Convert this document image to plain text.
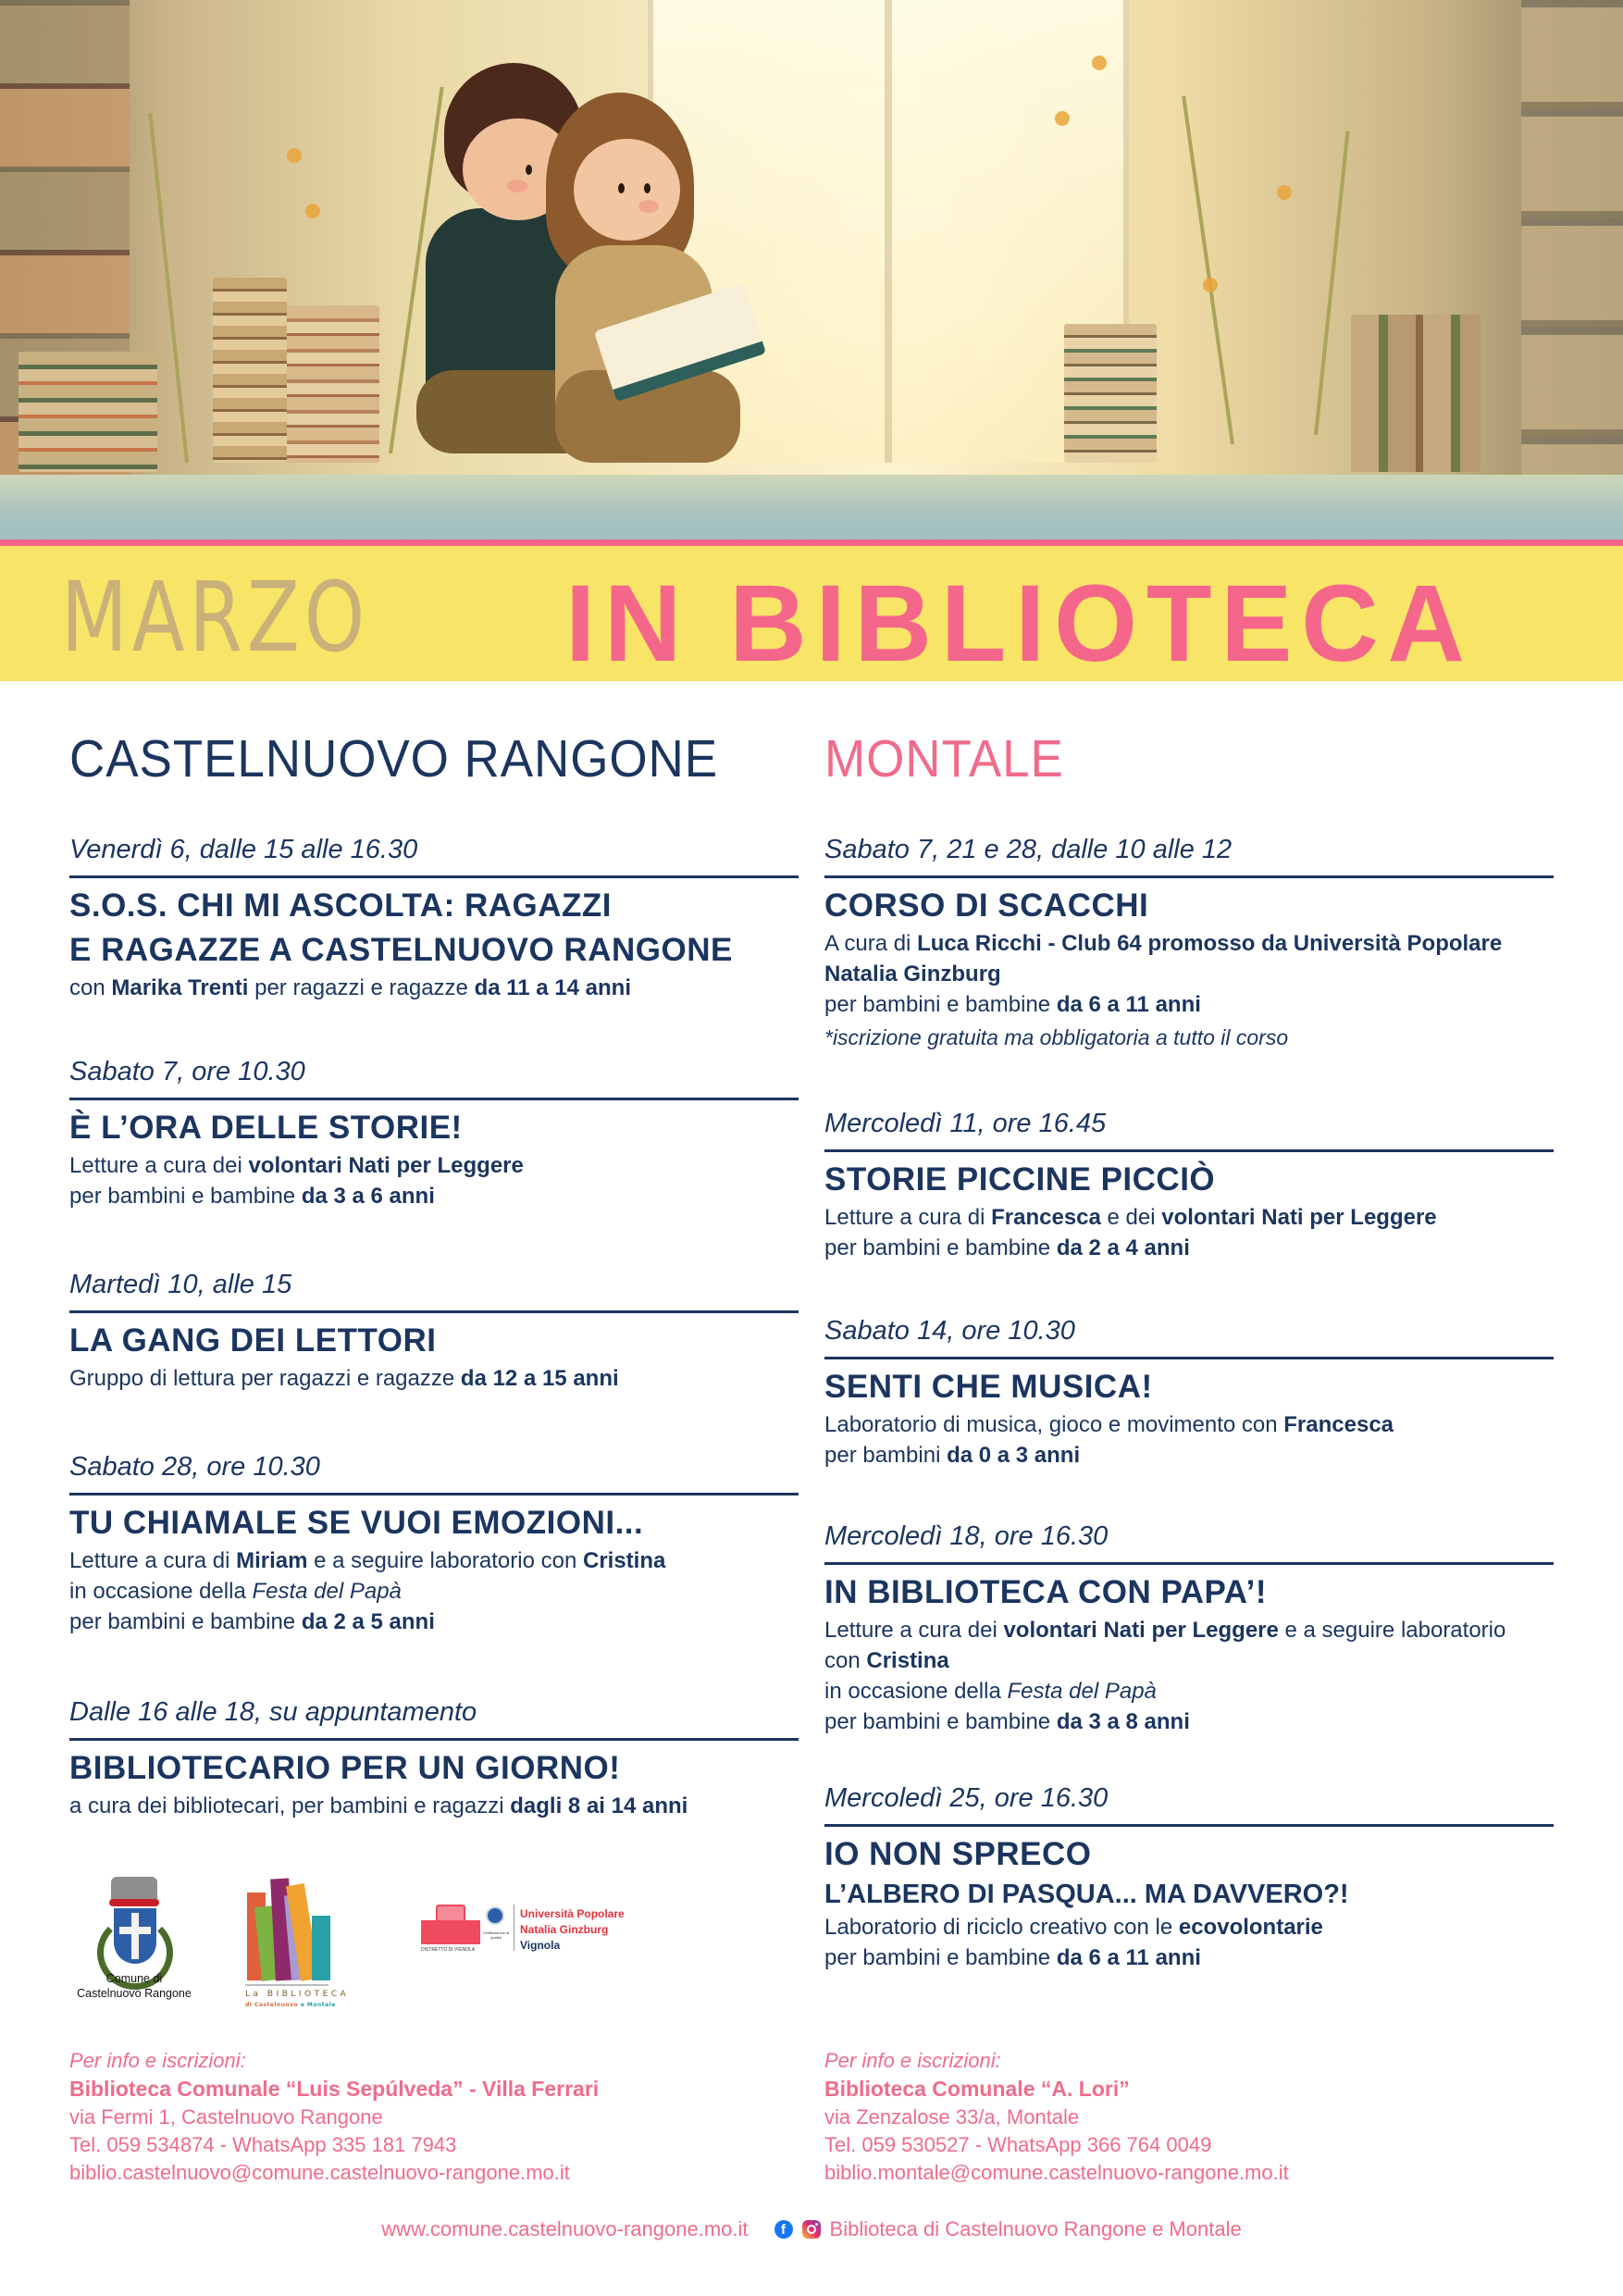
MARZO IN BIBLIOTECA
CASTELNUOVO RANGONE	MONTALE
Venerdì 6, dalle 15 alle 16.30
S.O.S. CHI MI ASCOLTA: RAGAZZI
E RAGAZZE A CASTELNUOVO RANGONE
con Marika Trenti per ragazzi e ragazze da 11 a 14 anni
Sabato 7, ore 10.30
È L’ORA DELLE STORIE!
Letture a cura dei volontari Nati per Leggere
per bambini e bambine da 3 a 6 anni
Martedì 10, alle 15
LA GANG DEI LETTORI
Gruppo di lettura per ragazzi e ragazze da 12 a 15 anni
Sabato 28, ore 10.30
TU CHIAMALE SE VUOI EMOZIONI...
Letture a cura di Miriam e a seguire laboratorio con Cristina
in occasione della Festa del Papà
per bambini e bambine da 2 a 5 anni
Dalle 16 alle 18, su appuntamento
BIBLIOTECARIO PER UN GIORNO!
a cura dei bibliotecari, per bambini e ragazzi dagli 8 ai 14 anni
Sabato 7, 21 e 28, dalle 10 alle 12
CORSO DI SCACCHI
A cura di Luca Ricchi - Club 64 promosso da Università Popolare
Natalia Ginzburg
per bambini e bambine da 6 a 11 anni
*iscrizione gratuita ma obbligatoria a tutto il corso
Mercoledì 11, ore 16.45
STORIE PICCINE PICCIÒ
Letture a cura di Francesca e dei volontari Nati per Leggere
per bambini e bambine da 2 a 4 anni
Sabato 14, ore 10.30
SENTI CHE MUSICA!
Laboratorio di musica, gioco e movimento con Francesca
per bambini da 0 a 3 anni
Mercoledì 18, ore 16.30
IN BIBLIOTECA CON PAPA’!
Letture a cura dei volontari Nati per Leggere e a seguire laboratorio
con Cristina
in occasione della Festa del Papà
per bambini e bambine da 3 a 8 anni
Mercoledì 25, ore 16.30
IO NON SPRECO
L’ALBERO DI PASQUA... MA DAVVERO?!
Laboratorio di riciclo creativo con le ecovolontarie
per bambini e bambine da 6 a 11 anni
Comune di
Castelnuovo Rangone	La BIBLIOTECA
di Castelnuovo e Montale
DISTRETTO DI VIGNOLA
Certificazione di qualità
Università Popolare
Natalia Ginzburg
Vignola
Per info e iscrizioni:
Biblioteca Comunale “Luis Sepúlveda” - Villa Ferrari
via Fermi 1, Castelnuovo Rangone
Tel. 059 534874 - WhatsApp 335 181 7943
biblio.castelnuovo@comune.castelnuovo-rangone.mo.it
Per info e iscrizioni:
Biblioteca Comunale “A. Lori”
via Zenzalose 33/a, Montale
Tel. 059 530527 - WhatsApp 366 764 0049
biblio.montale@comune.castelnuovo-rangone.mo.it
www.comune.castelnuovo-rangone.mo.it	f	Biblioteca di Castelnuovo Rangone e Montale
